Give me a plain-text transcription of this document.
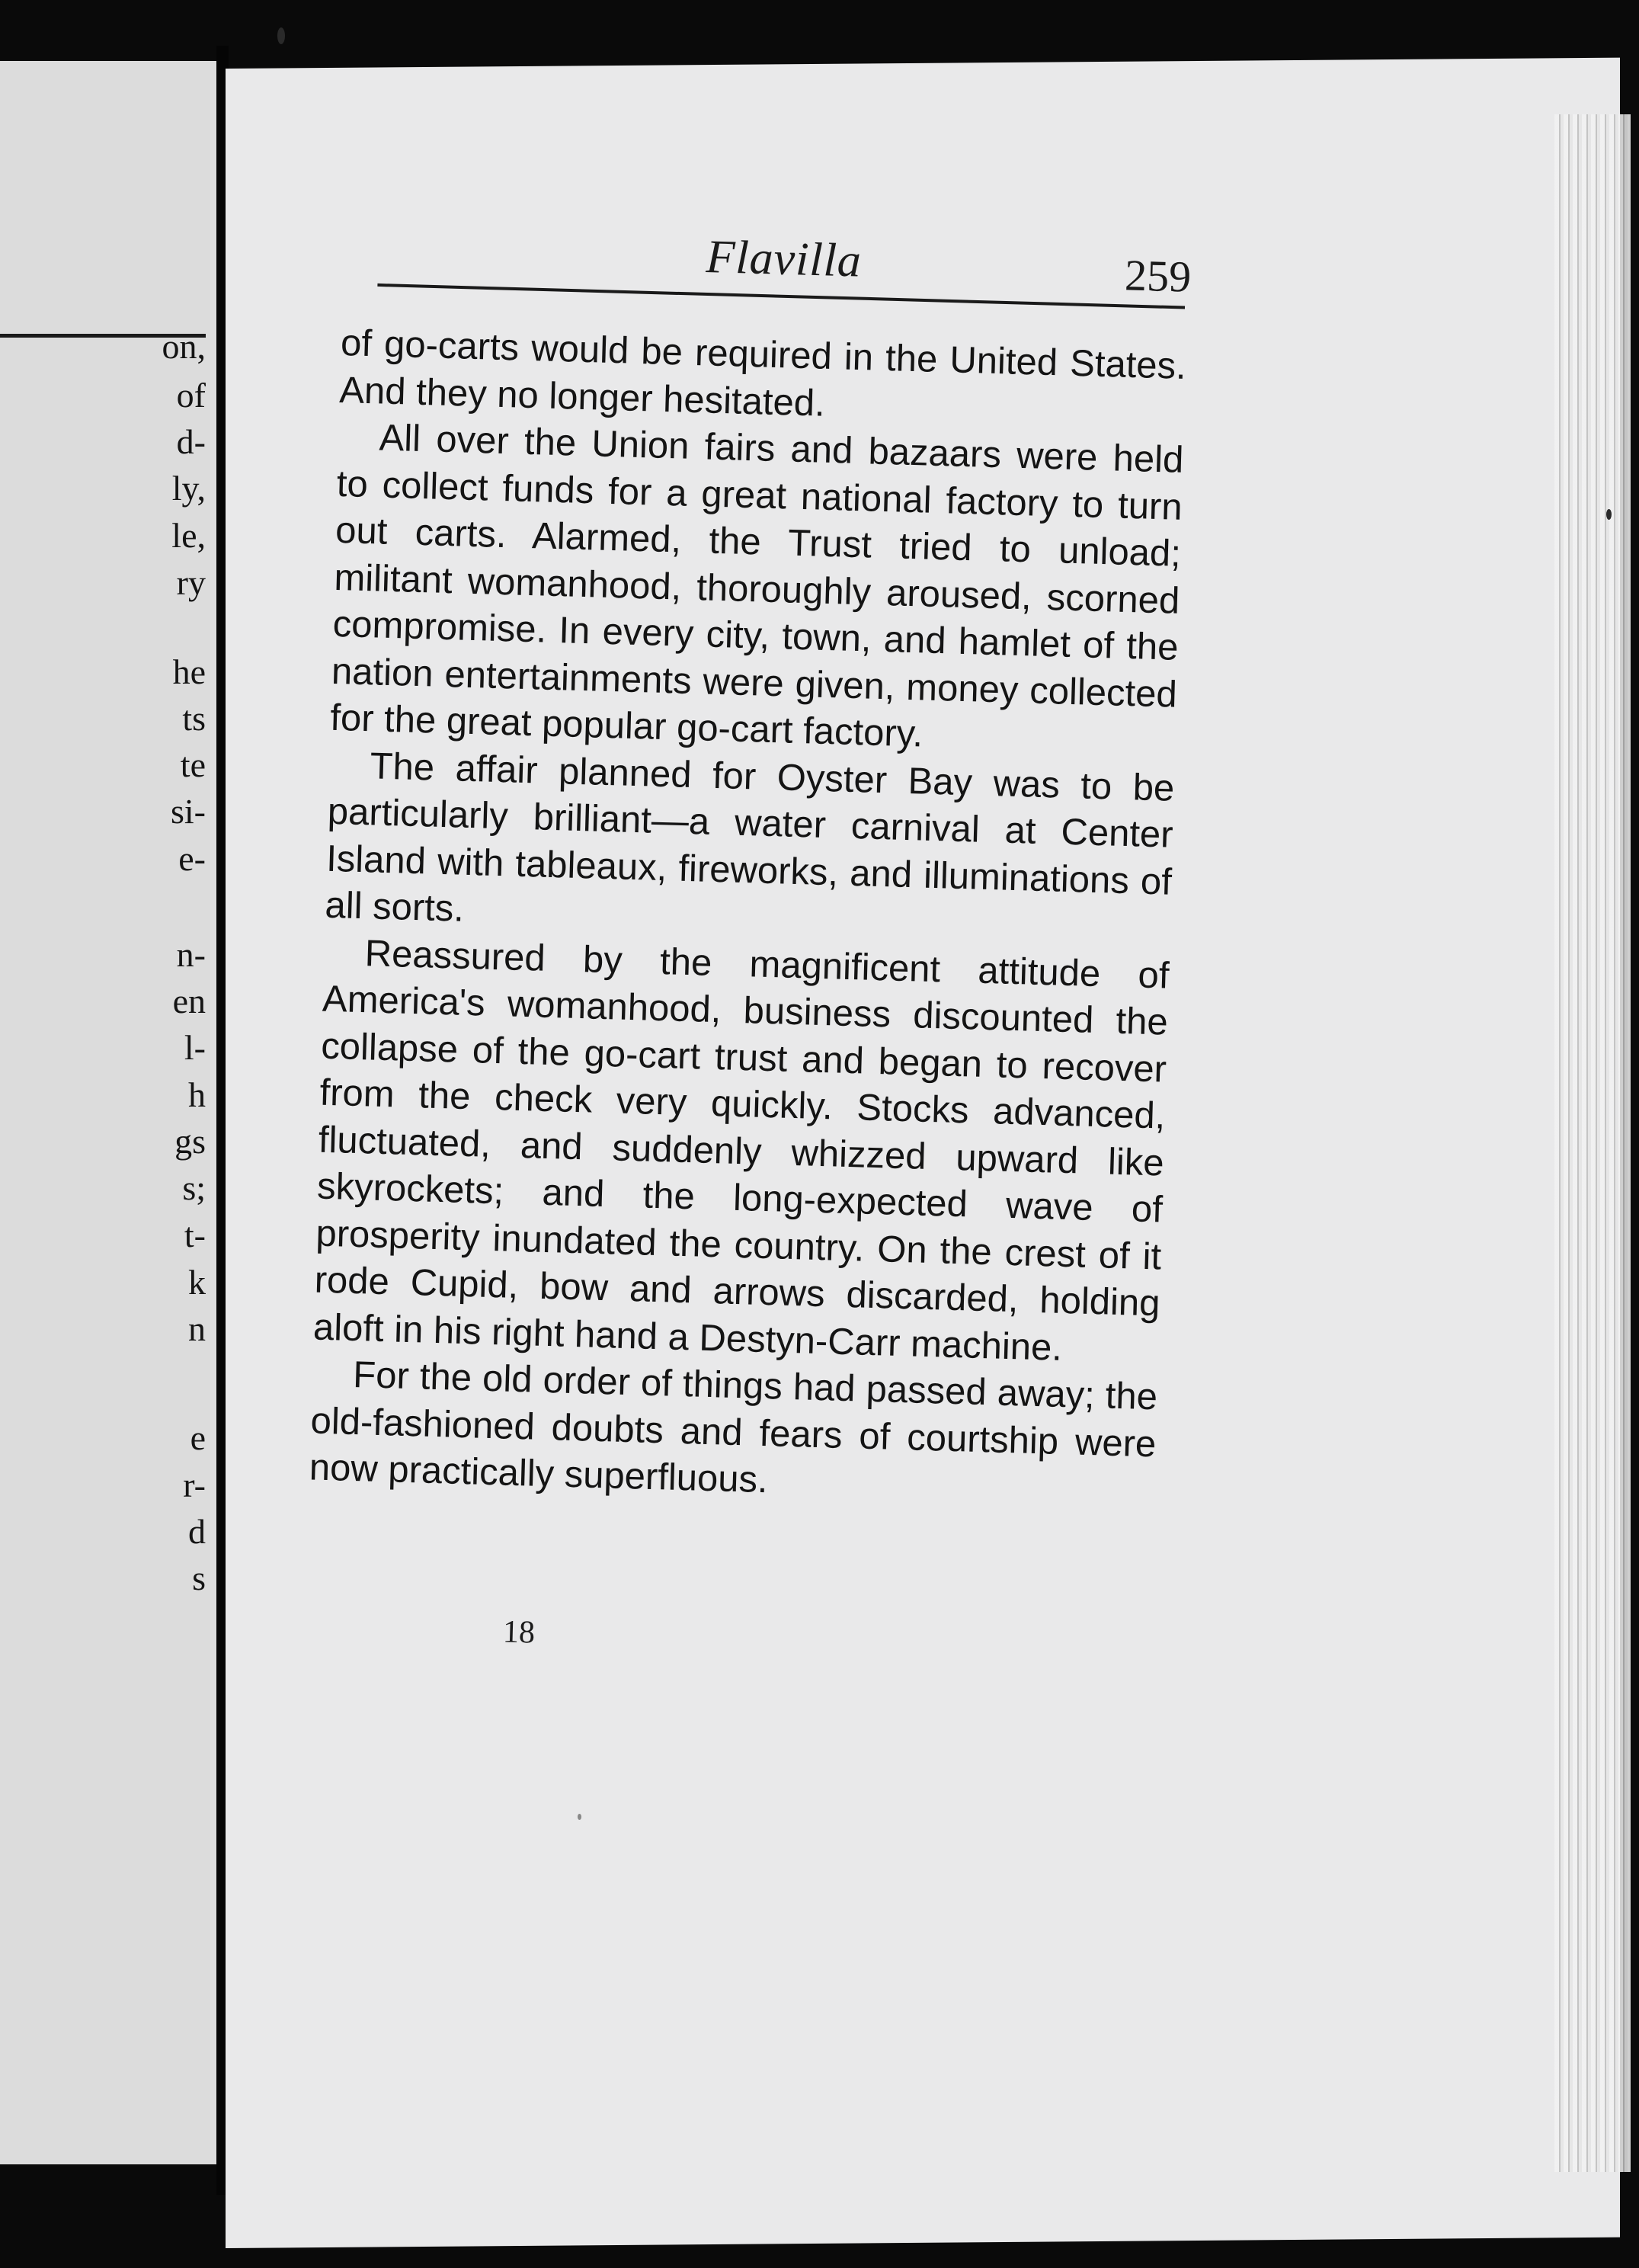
on,
of
d-
ly,
le,
ry
he
ts
te
si-
e-
n-
en
l-
h
gs
s;
t-
k
n
e
r-
d
s
Flavilla	259

of go-carts would be required in the United States. And they no longer hesitated.

All over the Union fairs and bazaars were held to collect funds for a great national factory to turn out carts. Alarmed, the Trust tried to unload; militant womanhood, thoroughly aroused, scorned compromise. In every city, town, and hamlet of the nation entertainments were given, money collected for the great popular go-cart factory.

The affair planned for Oyster Bay was to be particularly brilliant—a water carnival at Center Island with tableaux, fireworks, and illuminations of all sorts.

Reassured by the magnificent attitude of America's womanhood, business discounted the collapse of the go-cart trust and began to recover from the check very quickly. Stocks advanced, fluctuated, and suddenly whizzed upward like skyrockets; and the long-expected wave of prosperity inundated the country. On the crest of it rode Cupid, bow and arrows discarded, holding aloft in his right hand a Destyn-Carr machine.

For the old order of things had passed away; the old-fashioned doubts and fears of courtship were now practically superfluous.

18
